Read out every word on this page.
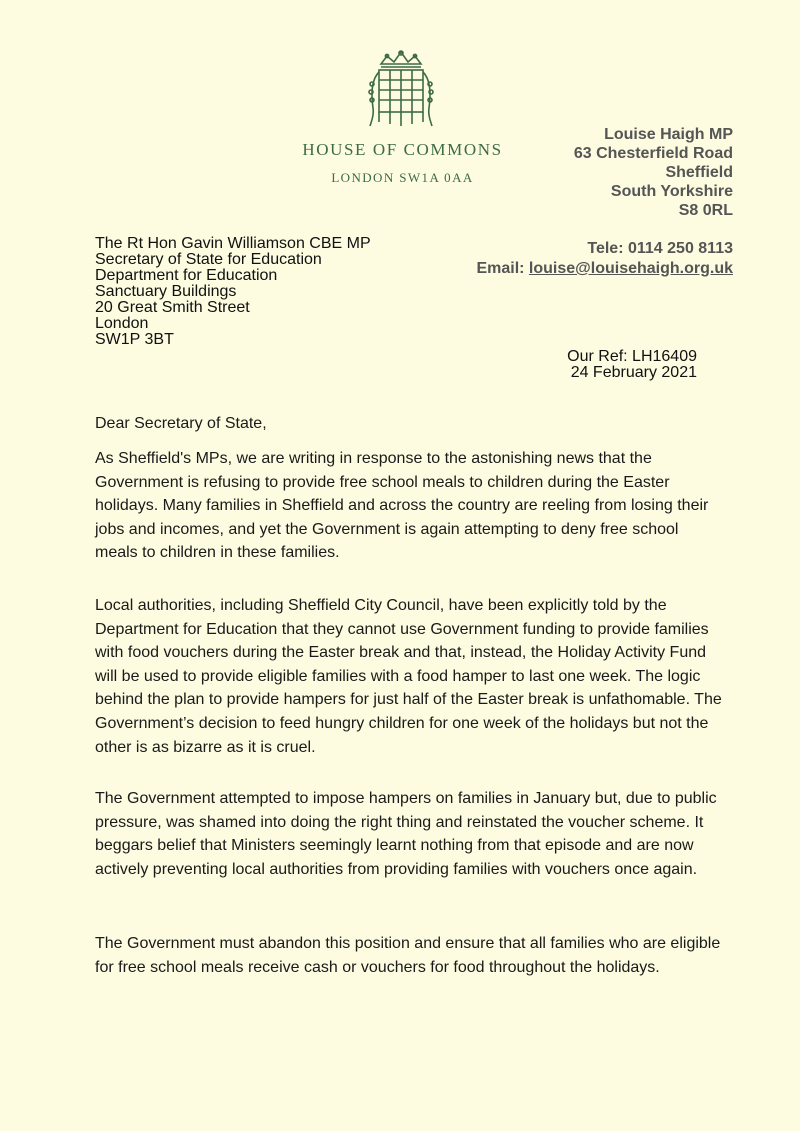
HOUSE OF COMMONS
LONDON SW1A 0AA
Louise Haigh MP
63 Chesterfield Road
Sheffield
South Yorkshire
S8 0RL
Tele: 0114 250 8113
Email: louise@louisehaigh.org.uk
The Rt Hon Gavin Williamson CBE MP
Secretary of State for Education
Department for Education
Sanctuary Buildings
20 Great Smith Street
London
SW1P 3BT
Our Ref: LH16409
24 February 2021
Dear Secretary of State,
As Sheffield's MPs, we are writing in response to the astonishing news that the Government is refusing to provide free school meals to children during the Easter holidays. Many families in Sheffield and across the country are reeling from losing their jobs and incomes, and yet the Government is again attempting to deny free school meals to children in these families.
Local authorities, including Sheffield City Council, have been explicitly told by the Department for Education that they cannot use Government funding to provide families with food vouchers during the Easter break and that, instead, the Holiday Activity Fund will be used to provide eligible families with a food hamper to last one week. The logic behind the plan to provide hampers for just half of the Easter break is unfathomable. The Government’s decision to feed hungry children for one week of the holidays but not the other is as bizarre as it is cruel.
The Government attempted to impose hampers on families in January but, due to public pressure, was shamed into doing the right thing and reinstated the voucher scheme. It beggars belief that Ministers seemingly learnt nothing from that episode and are now actively preventing local authorities from providing families with vouchers once again.
The Government must abandon this position and ensure that all families who are eligible for free school meals receive cash or vouchers for food throughout the holidays.
